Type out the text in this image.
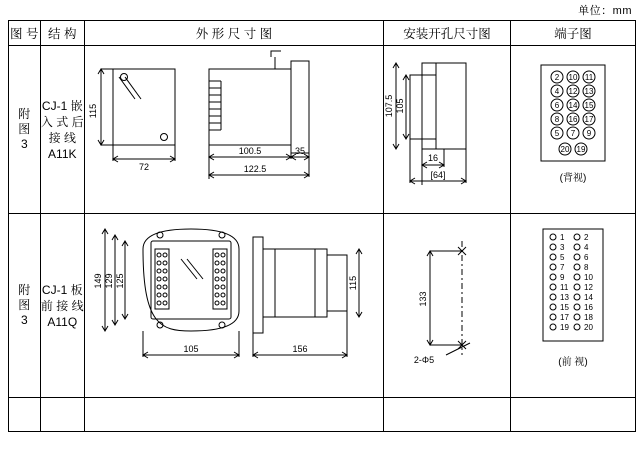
单位：mm
图 号	结 构	外 形 尺 寸 图	安装开孔尺寸图	端子图

附
图
3

CJ-1 嵌 入 式 后 接 线 A11K

115
72
100.5
122.5
35

107.5 105
16
[64]

2 10 11
4 12 13
6 14 15
8 16 17
5 7 9
20 19
(背视)

附
图
3

CJ-1 板 前 接 线 A11Q

149 129 125	115
105	156

133
2-Φ5

1 2
3 4
5 6
7 8
9 10
11 12
13 14
15 16
17 18
19 20
(前 视)
